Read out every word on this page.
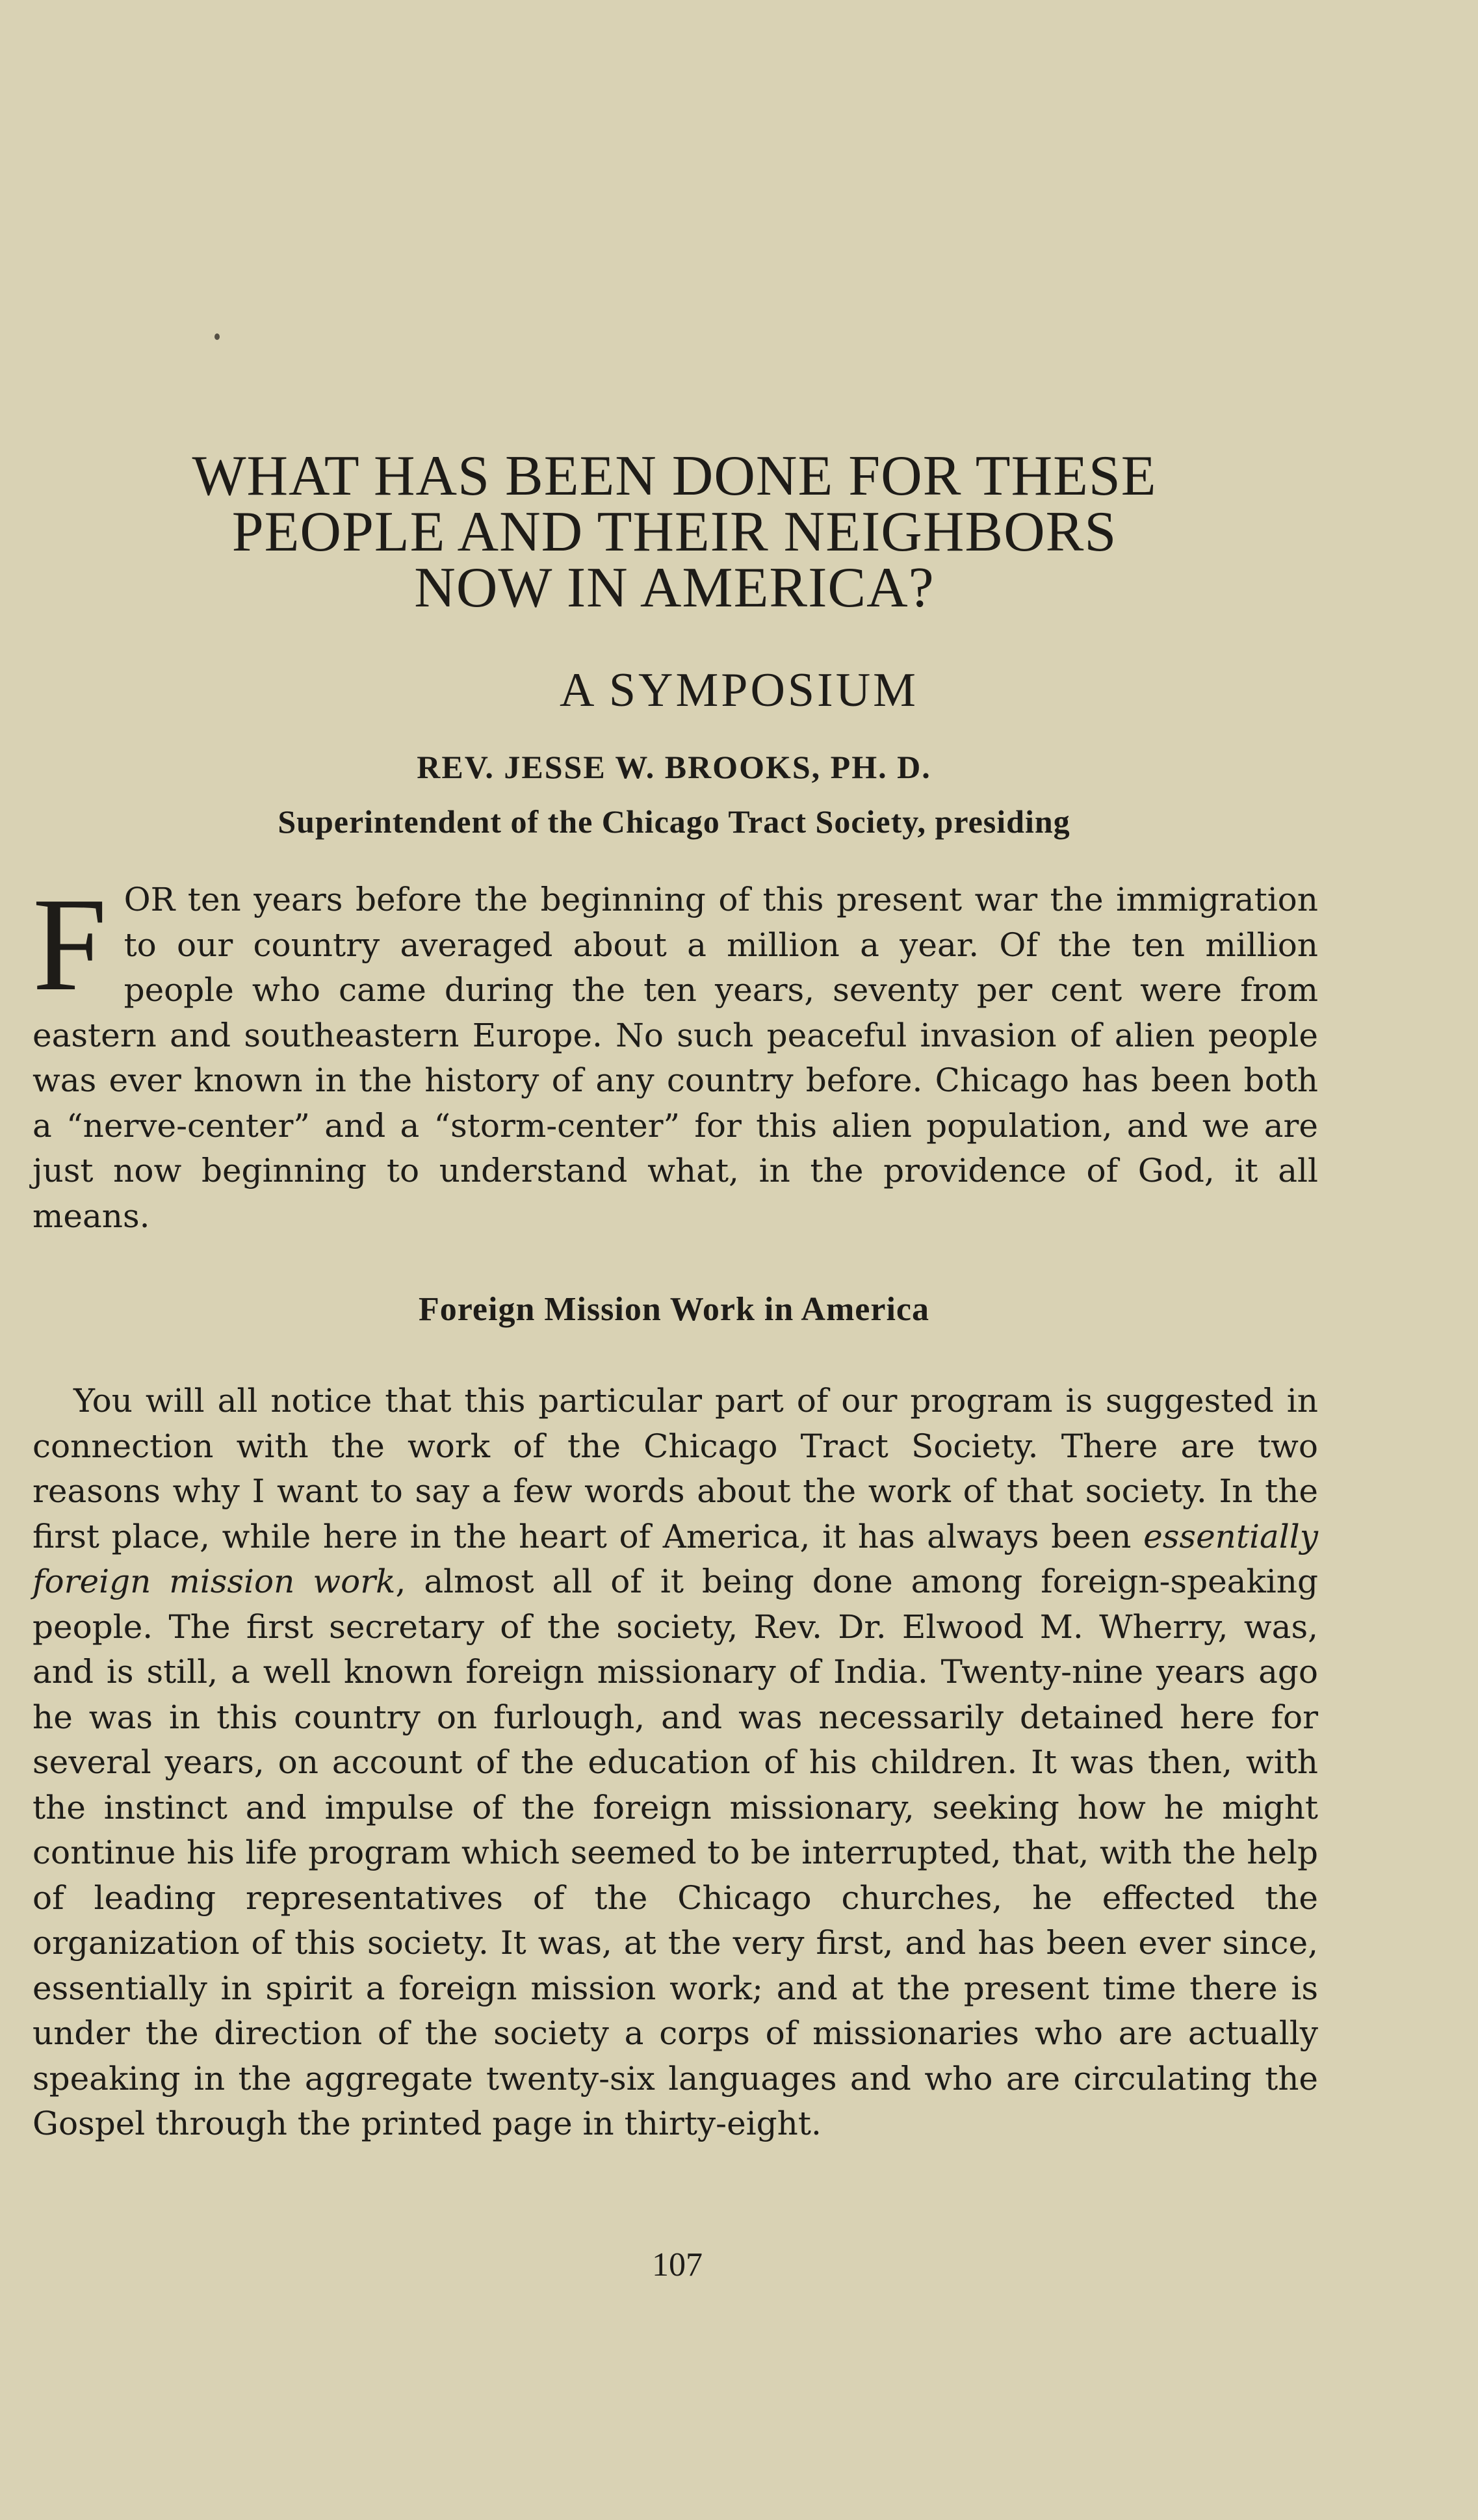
WHAT HAS BEEN DONE FOR THESE
PEOPLE AND THEIR NEIGHBORS
NOW IN AMERICA?
A SYMPOSIUM
REV. JESSE W. BROOKS, PH. D.
Superintendent of the Chicago Tract Society, presiding

FOR ten years before the beginning of this present war the immigration to our country averaged about a million a year. Of the ten million people who came during the ten years, seventy per cent were from eastern and southeastern Europe. No such peaceful invasion of alien people was ever known in the history of any country before. Chicago has been both a “nerve-center” and a “storm-center” for this alien population, and we are just now beginning to understand what, in the providence of God, it all means.

Foreign Mission Work in America

You will all notice that this particular part of our program is suggested in connection with the work of the Chicago Tract Society. There are two reasons why I want to say a few words about the work of that society. In the first place, while here in the heart of America, it has always been essentially foreign mission work, almost all of it being done among foreign-speaking people. The first secretary of the society, Rev. Dr. Elwood M. Wherry, was, and is still, a well known foreign missionary of India. Twenty-nine years ago he was in this country on furlough, and was necessarily detained here for several years, on account of the education of his children. It was then, with the instinct and impulse of the foreign missionary, seeking how he might continue his life program which seemed to be interrupted, that, with the help of leading representatives of the Chicago churches, he effected the organization of this society. It was, at the very first, and has been ever since, essentially in spirit a foreign mission work; and at the present time there is under the direction of the society a corps of missionaries who are actually speaking in the aggregate twenty-six languages and who are circulating the Gospel through the printed page in thirty-eight.

107
